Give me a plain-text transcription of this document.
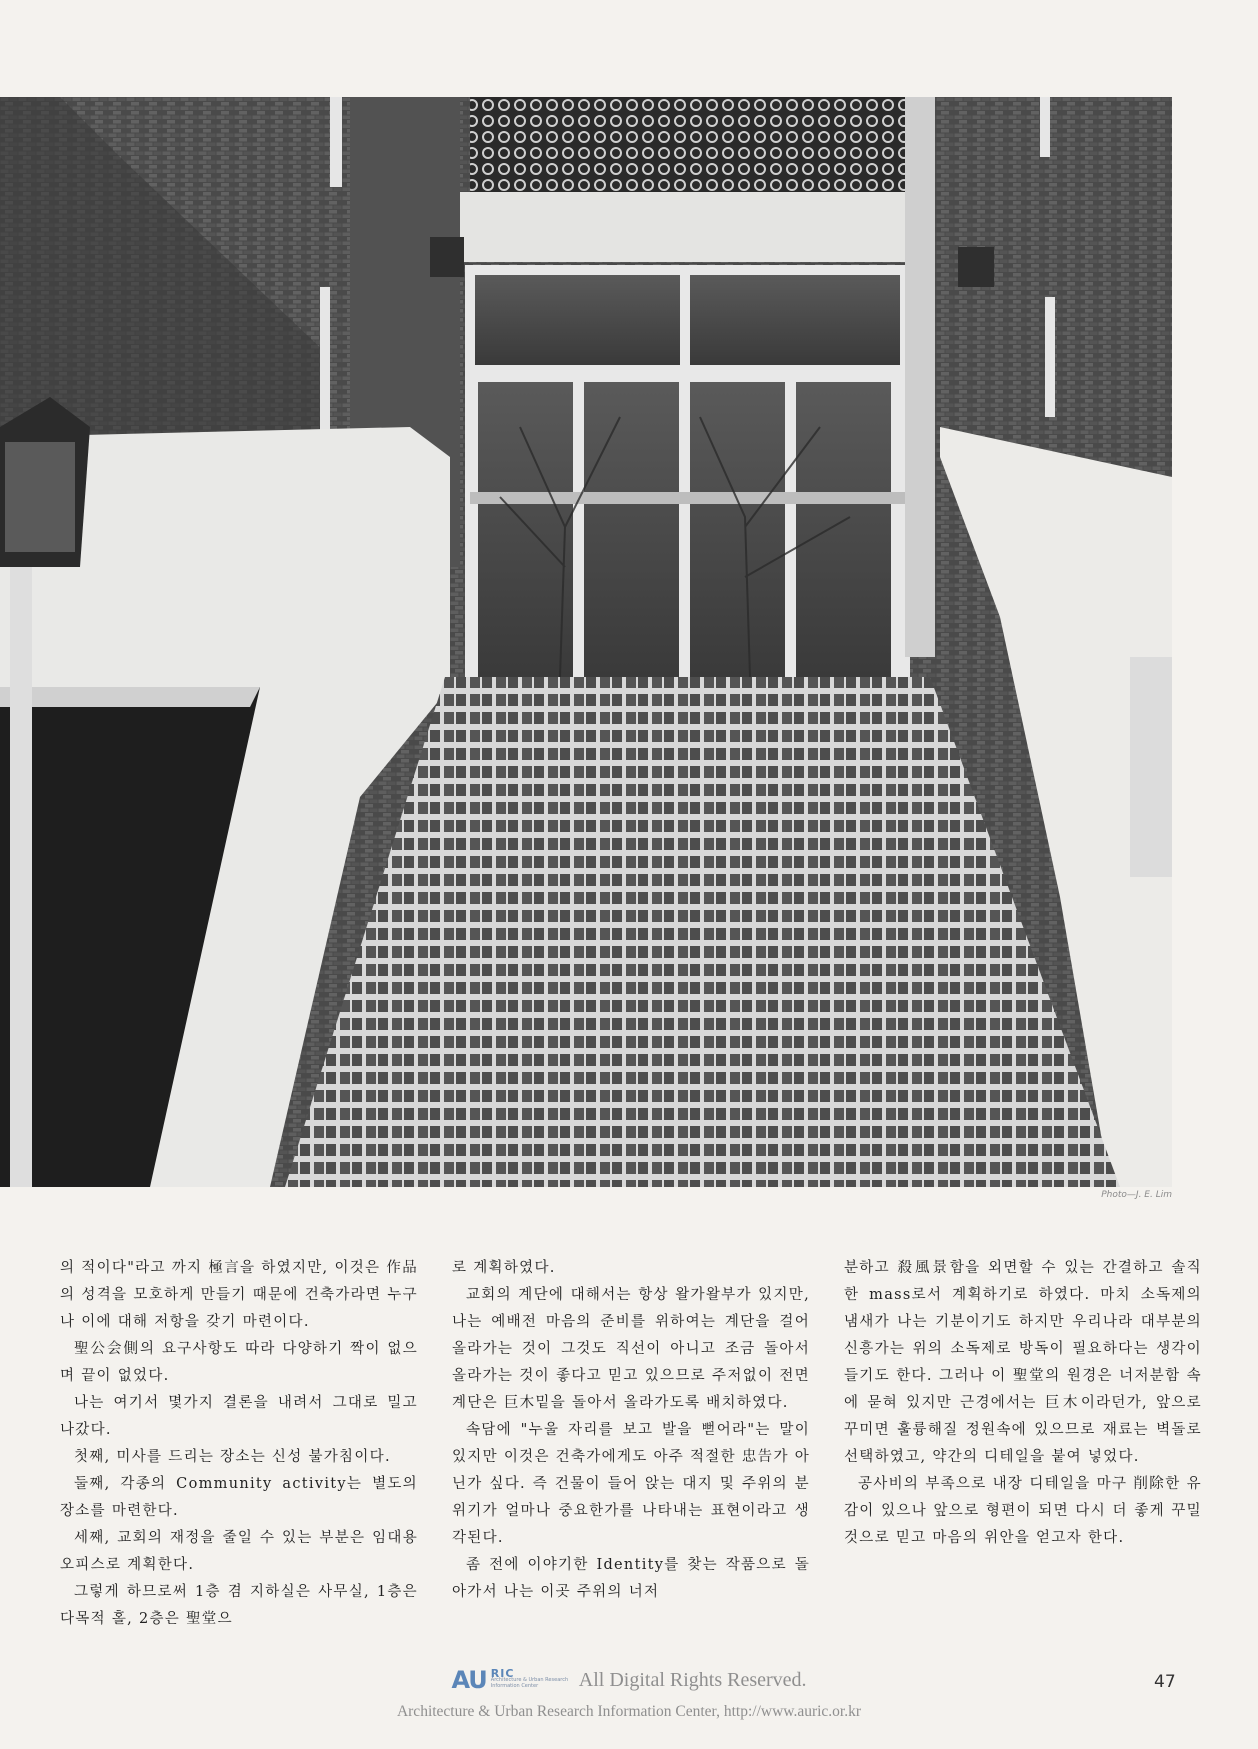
Photo—J. E. Lim

의 적이다"라고 까지 極言을 하였지만, 이것은 作品의 성격을 모호하게 만들기 때문에 건축가라면 누구나 이에 대해 저항을 갖기 마련이다.

聖公会側의 요구사항도 따라 다양하기 짝이 없으며 끝이 없었다.

나는 여기서 몇가지 결론을 내려서 그대로 밀고 나갔다.

첫째, 미사를 드리는 장소는 신성 불가침이다.

둘째, 각종의 Community activity는 별도의 장소를 마련한다.

세째, 교회의 재정을 줄일 수 있는 부분은 임대용 오피스로 계획한다.

그렇게 하므로써 1층 겸 지하실은 사무실, 1층은 다목적 홀, 2층은 聖堂으

로 계획하였다.

교회의 계단에 대해서는 항상 왈가왈부가 있지만, 나는 예배전 마음의 준비를 위하여는 계단을 걸어 올라가는 것이 그것도 직선이 아니고 조금 돌아서 올라가는 것이 좋다고 믿고 있으므로 주저없이 전면 계단은 巨木밑을 돌아서 올라가도록 배치하였다.

속담에 "누울 자리를 보고 발을 뻗어라"는 말이 있지만 이것은 건축가에게도 아주 적절한 忠告가 아닌가 싶다. 즉 건물이 들어 앉는 대지 및 주위의 분위기가 얼마나 중요한가를 나타내는 표현이라고 생각된다.

좀 전에 이야기한 Identity를 찾는 작품으로 돌아가서 나는 이곳 주위의 너저

분하고 殺風景함을 외면할 수 있는 간결하고 솔직한 mass로서 계획하기로 하였다. 마치 소독제의 냄새가 나는 기분이기도 하지만 우리나라 대부분의 신흥가는 위의 소독제로 방독이 필요하다는 생각이 들기도 한다. 그러나 이 聖堂의 원경은 너저분함 속에 묻혀 있지만 근경에서는 巨木이라던가, 앞으로 꾸미면 훌륭해질 정원속에 있으므로 재료는 벽돌로 선택하였고, 약간의 디테일을 붙여 넣었다.

공사비의 부족으로 내장 디테일을 마구 削除한 유감이 있으나 앞으로 형편이 되면 다시 더 좋게 꾸밀 것으로 믿고 마음의 위안을 얻고자 한다.

AU RIC
Architecture & Urban Research Information Center	All Digital Rights Reserved.
Architecture & Urban Research Information Center, http://www.auric.or.kr
47
